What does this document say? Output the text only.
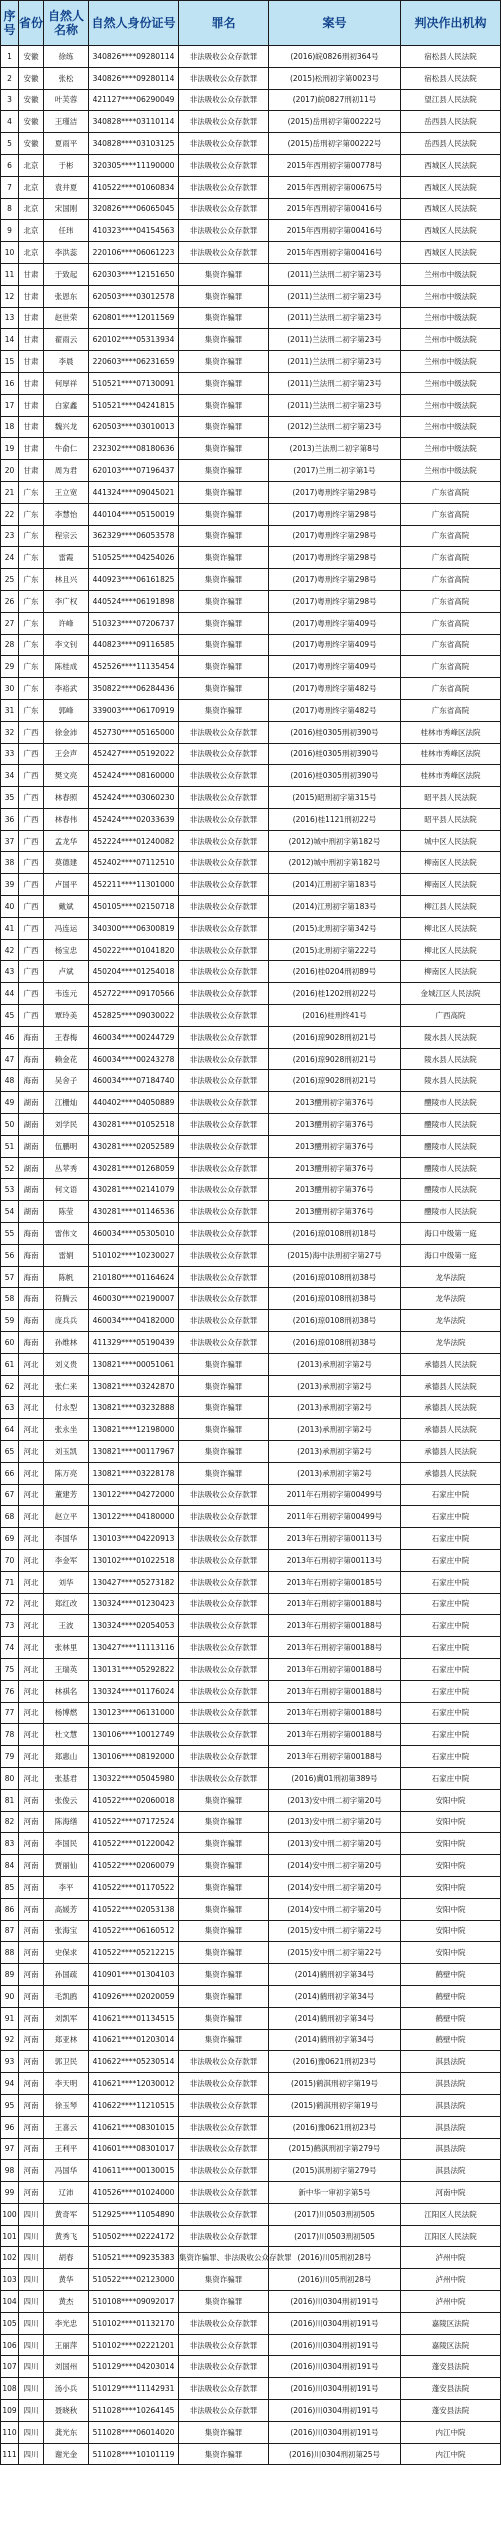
序号	省份	自然人名称	自然人身份证号	罪名	案号	判决作出机构
1	安徽	徐练	340826****09280114	非法吸收公众存款罪	(2016)皖0826刑初364号	宿松县人民法院
2	安徽	张松	340826****09280114	非法吸收公众存款罪	(2015)松刑初字第0023号	宿松县人民法院
3	安徽	叶芙蓉	421127****06290049	非法吸收公众存款罪	(2017)皖0827刑初11号	望江县人民法院
4	安徽	王瑾洁	340828****03110114	非法吸收公众存款罪	(2015)岳刑初字第00222号	岳西县人民法院
5	安徽	夏雨平	340828****03103125	非法吸收公众存款罪	(2015)岳刑初字第00222号	岳西县人民法院
6	北京	于彬	320305****11190000	非法吸收公众存款罪	2015年西刑初字第00778号	西城区人民法院
7	北京	袁井夏	410522****01060834	非法吸收公众存款罪	2015年西刑初字第00675号	西城区人民法院
8	北京	宋国刚	320826****06065045	非法吸收公众存款罪	2015年西刑初字第00416号	西城区人民法院
9	北京	任玮	410323****04154563	非法吸收公众存款罪	2015年西刑初字第00416号	西城区人民法院
10	北京	李洪蕊	220106****06061223	非法吸收公众存款罪	2015年西刑初字第00416号	西城区人民法院
11	甘肃	于致起	620303****12151650	集资诈骗罪	(2011)兰法刑二初字第23号	兰州市中级法院
12	甘肃	张恩东	620503****03012578	集资诈骗罪	(2011)兰法刑二初字第23号	兰州市中级法院
13	甘肃	赵世荣	620801****12011569	集资诈骗罪	(2011)兰法刑二初字第23号	兰州市中级法院
14	甘肃	翟雨云	620102****05313934	集资诈骗罪	(2011)兰法刑二初字第23号	兰州市中级法院
15	甘肃	李晨	220603****06231659	集资诈骗罪	(2011)兰法刑二初字第23号	兰州市中级法院
16	甘肃	何厚祥	510521****07130091	集资诈骗罪	(2011)兰法刑二初字第23号	兰州市中级法院
17	甘肃	白家鑫	510521****04241815	集资诈骗罪	(2011)兰法刑二初字第23号	兰州市中级法院
18	甘肃	魏兴龙	620503****03010013	集资诈骗罪	(2012)兰法刑二初字第23号	兰州市中级法院
19	甘肃	牛俞仁	232302****08180636	集资诈骗罪	(2013)兰法刑二初字第8号	兰州市中级法院
20	甘肃	周为君	620103****07196437	集资诈骗罪	(2017)兰刑二初字第1号	兰州市中级法院
21	广东	王立宽	441324****09045021	集资诈骗罪	(2017)粤刑终字第298号	广东省高院
22	广东	李慧怡	440104****05150019	集资诈骗罪	(2017)粤刑终字第298号	广东省高院
23	广东	程宗云	362329****06053578	集资诈骗罪	(2017)粤刑终字第298号	广东省高院
24	广东	雷霞	510525****04254026	集资诈骗罪	(2017)粤刑终字第298号	广东省高院
25	广东	林且兴	440923****06161825	集资诈骗罪	(2017)粤刑终字第298号	广东省高院
26	广东	李广权	440524****06191898	集资诈骗罪	(2017)粤刑终字第298号	广东省高院
27	广东	许峰	510323****07206737	集资诈骗罪	(2017)粤刑终字第409号	广东省高院
28	广东	李文钊	440823****09116585	集资诈骗罪	(2017)粤刑终字第409号	广东省高院
29	广东	陈桂成	452526****11135454	集资诈骗罪	(2017)粤刑终字第409号	广东省高院
30	广东	李裕武	350822****06284436	集资诈骗罪	(2017)粤刑终字第482号	广东省高院
31	广东	郭峰	339003****06170919	集资诈骗罪	(2017)粤刑终字第482号	广东省高院
32	广西	徐金沛	452730****05165000	非法吸收公众存款罪	(2016)桂0305刑初390号	桂林市秀峰区法院
33	广西	王会声	452427****05192022	非法吸收公众存款罪	(2016)桂0305刑初390号	桂林市秀峰区法院
34	广西	樊文亮	452424****08160000	非法吸收公众存款罪	(2016)桂0305刑初390号	桂林市秀峰区法院
35	广西	林春照	452424****03060230	非法吸收公众存款罪	(2015)昭刑初字第315号	昭平县人民法院
36	广西	林春伟	452424****02033639	非法吸收公众存款罪	(2016)桂1121刑初22号	昭平县人民法院
37	广西	孟龙华	452224****01240082	非法吸收公众存款罪	(2012)城中刑初字第182号	城中区人民法院
38	广西	莫德建	452402****07112510	非法吸收公众存款罪	(2012)城中刑初字第182号	柳南区人民法院
39	广西	卢国平	452211****11301000	非法吸收公众存款罪	(2014)江刑初字第183号	柳南区人民法院
40	广西	戴斌	450105****02150718	非法吸收公众存款罪	(2014)江刑初字第183号	柳江县人民法院
41	广西	冯连运	340300****06300819	非法吸收公众存款罪	(2015)北刑初字第342号	柳北区人民法院
42	广西	杨宝忠	450222****01041820	非法吸收公众存款罪	(2015)北刑初字第222号	柳北区人民法院
43	广西	卢斌	450204****01254018	非法吸收公众存款罪	(2016)桂0204刑初89号	柳南区人民法院
44	广西	韦连元	452722****09170566	非法吸收公众存款罪	(2016)桂1202刑初22号	金城江区人民法院
45	广西	覃玲美	452825****09030022	非法吸收公众存款罪	(2016)桂刑终41号	广西高院
46	海南	王春梅	460034****00244729	非法吸收公众存款罪	(2016)琼9028刑初21号	陵水县人民法院
47	海南	赖金花	460034****00243278	非法吸收公众存款罪	(2016)琼9028刑初21号	陵水县人民法院
48	海南	吴舍子	460034****07184740	非法吸收公众存款罪	(2016)琼9028刑初21号	陵水县人民法院
49	湖南	江栅灿	440402****04050889	非法吸收公众存款罪	2013醴刑初字第376号	醴陵市人民法院
50	湖南	刘学民	430281****01052518	非法吸收公众存款罪	2013醴刑初字第376号	醴陵市人民法院
51	湖南	伍鹏明	430281****02052589	非法吸收公众存款罪	2013醴刑初字第376号	醴陵市人民法院
52	湖南	丛苹秀	430281****01268059	非法吸收公众存款罪	2013醴刑初字第376号	醴陵市人民法院
53	湖南	何文语	430281****02141079	非法吸收公众存款罪	2013醴刑初字第376号	醴陵市人民法院
54	湖南	陈莹	430281****01146536	非法吸收公众存款罪	2013醴刑初字第376号	醴陵市人民法院
55	海南	雷伟文	460034****05305010	非法吸收公众存款罪	(2016)琼0108刑初18号	海口中级第一庭
56	海南	雷娟	510102****10230027	非法吸收公众存款罪	(2015)海中法刑初字第27号	海口中级第一庭
57	海南	陈帆	210180****01164624	非法吸收公众存款罪	(2016)琼0108刑初38号	龙华法院
58	海南	符腾云	460030****02190007	非法吸收公众存款罪	(2016)琼0108刑初38号	龙华法院
59	海南	庞兵兵	460034****04182000	非法吸收公众存款罪	(2016)琼0108刑初38号	龙华法院
60	海南	孙维林	411329****05190439	非法吸收公众存款罪	(2016)琼0108刑初38号	龙华法院
61	河北	刘义贵	130821****00051061	集资诈骗罪	(2013)承刑初字第2号	承德县人民法院
62	河北	张仁来	130821****03242870	集资诈骗罪	(2013)承刑初字第2号	承德县人民法院
63	河北	付永型	130821****03232888	集资诈骗罪	(2013)承刑初字第2号	承德县人民法院
64	河北	张永坐	130821****12198000	集资诈骗罪	(2013)承刑初字第2号	承德县人民法院
65	河北	刘玉凯	130821****00117967	集资诈骗罪	(2013)承刑初字第2号	承德县人民法院
66	河北	陈万亮	130821****03228178	集资诈骗罪	(2013)承刑初字第2号	承德县人民法院
67	河北	董建芳	130122****04272000	非法吸收公众存款罪	2011年石刑初字第00499号	石家庄中院
68	河北	赵立平	130122****04180000	非法吸收公众存款罪	2011年石刑初字第00499号	石家庄中院
69	河北	李国华	130103****04220913	非法吸收公众存款罪	2013年石刑初字第00113号	石家庄中院
70	河北	李金军	130102****01022518	非法吸收公众存款罪	2013年石刑初字第00113号	石家庄中院
71	河北	刘华	130427****05273182	非法吸收公众存款罪	2013年石刑初字第00185号	石家庄中院
72	河北	郑红改	130324****01230423	非法吸收公众存款罪	2013年石刑初字第00188号	石家庄中院
73	河北	王波	130324****02054053	非法吸收公众存款罪	2013年石刑初字第00188号	石家庄中院
74	河北	张林里	130427****11113116	非法吸收公众存款罪	2013年石刑初字第00188号	石家庄中院
75	河北	王瑞英	130131****05292822	非法吸收公众存款罪	2013年石刑初字第00188号	石家庄中院
76	河北	林祺名	130324****01176024	非法吸收公众存款罪	2013年石刑初字第00188号	石家庄中院
77	河北	杨博燃	130123****06131000	非法吸收公众存款罪	2013年石刑初字第00188号	石家庄中院
78	河北	杜文慧	130106****10012749	非法吸收公众存款罪	2013年石刑初字第00188号	石家庄中院
79	河北	郑惠山	130106****08192000	非法吸收公众存款罪	2013年石刑初字第00188号	石家庄中院
80	河北	张基君	130322****05045980	非法吸收公众存款罪	(2016)冀01刑初第389号	石家庄中院
81	河南	张俊云	410522****02060018	集资诈骗罪	(2013)安中刑二初字第20号	安阳中院
82	河南	陈海缮	410522****07172524	集资诈骗罪	(2013)安中刑二初字第20号	安阳中院
83	河南	李国民	410522****01220042	集资诈骗罪	(2013)安中刑二初字第20号	安阳中院
84	河南	贾丽仙	410522****02060079	集资诈骗罪	(2014)安中刑二初字第20号	安阳中院
85	河南	李平	410522****01170522	集资诈骗罪	(2014)安中刑二初字第20号	安阳中院
86	河南	高媛芳	410522****02053138	集资诈骗罪	(2014)安中刑二初字第20号	安阳中院
87	河南	张海宝	410522****06160512	集资诈骗罪	(2015)安中刑二初字第22号	安阳中院
88	河南	史保求	410522****05212215	集资诈骗罪	(2015)安中刑二初字第22号	安阳中院
89	河南	孙国疏	410901****01304103	集资诈骗罪	(2014)鹤刑初字第34号	鹤壁中院
90	河南	毛凯鸥	410926****02020059	集资诈骗罪	(2014)鹤刑初字第34号	鹤壁中院
91	河南	刘凯军	410621****01134515	集资诈骗罪	(2014)鹤刑初字第34号	鹤壁中院
92	河南	郑亚林	410621****01203014	集资诈骗罪	(2014)鹤刑初字第34号	鹤壁中院
93	河南	郭卫民	410622****05230514	非法吸收公众存款罪	(2016)豫0621刑初23号	淇县法院
94	河南	李天明	410621****12030012	非法吸收公众存款罪	(2015)鹤淇刑初字第19号	淇县法院
95	河南	徐玉琴	410622****11210515	非法吸收公众存款罪	(2015)鹤淇刑初字第19号	淇县法院
96	河南	王喜云	410621****08301015	非法吸收公众存款罪	(2016)豫0621刑初23号	淇县法院
97	河南	王利平	410601****08301017	非法吸收公众存款罪	(2015)鹤淇刑初字第279号	淇县法院
98	河南	冯国华	410611****00130015	非法吸收公众存款罪	(2015)淇刑初字第279号	淇县法院
99	河南	辽沛	410526****01024000	非法吸收公众存款罪	新中华一审初字第5号	河南中院
100	四川	黄奇军	512925****11054890	非法吸收公众存款罪	(2017)川0503刑初505	江阳区人民法院
101	四川	黄秀飞	510502****02224172	非法吸收公众存款罪	(2017)川0503刑初505	江阳区人民法院
102	四川	胡春	510521****09235383	集资诈骗罪、非法吸收公众存款罪	(2016)川05刑初28号	泸州中院
103	四川	黄华	510522****02123000	集资诈骗罪	(2016)川05刑初28号	泸州中院
104	四川	黄杰	510108****09092017	集资诈骗罪	(2016)川0304刑初191号	泸州中院
105	四川	李光忠	510102****01132170	非法吸收公众存款罪	(2016)川0304刑初191号	嘉陵区法院
106	四川	王丽萍	510102****02221201	非法吸收公众存款罪	(2016)川0304刑初191号	嘉陵区法院
107	四川	刘国州	510129****04203014	非法吸收公众存款罪	(2016)川0304刑初191号	蓬安县法院
108	四川	汤小兵	510129****11142931	非法吸收公众存款罪	(2016)川0304刑初191号	蓬安县法院
109	四川	聂晓秋	511028****10264145	非法吸收公众存款罪	(2016)川0304刑初191号	蓬安县法院
110	四川	龚光东	511028****06014020	集资诈骗罪	(2016)川0304刑初191号	内江中院
111	四川	谢光金	511028****10101119	集资诈骗罪	(2016)川0304刑初第25号	内江中院
